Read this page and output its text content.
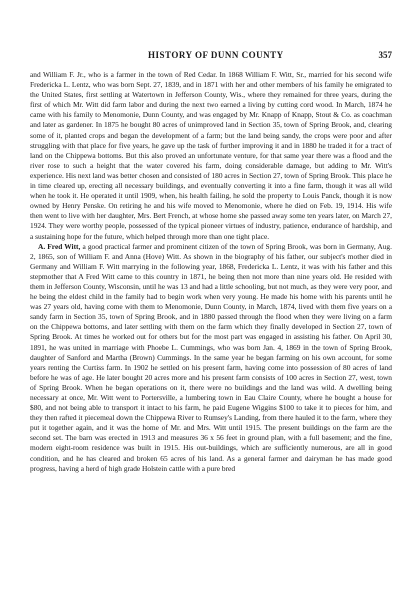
HISTORY OF DUNN COUNTY	357

and William F. Jr., who is a farmer in the town of Red Cedar. In 1868 William F. Witt, Sr., married for his second wife Fredericka L. Lentz, who was born Sept. 27, 1839, and in 1871 with her and other members of his family he emigrated to the United States, first settling at Watertown in Jefferson County, Wis., where they remained for three years, during the first of which Mr. Witt did farm labor and during the next two earned a living by cutting cord wood. In March, 1874 he came with his family to Menomonie, Dunn County, and was engaged by Mr. Knapp of Knapp, Stout & Co. as coachman and later as gardener. In 1875 he bought 80 acres of unimproved land in Section 35, town of Spring Brook, and, clearing some of it, planted crops and began the development of a farm; but the land being sandy, the crops were poor and after struggling with that place for five years, he gave up the task of further improving it and in 1880 he traded it for a tract of land on the Chippewa bottoms. But this also proved an unfortunate venture, for that same year there was a flood and the river rose to such a height that the water covered his farm, doing considerable damage, but adding to Mr. Witt's experience. His next land was better chosen and consisted of 180 acres in Section 27, town of Spring Brook. This place he in time cleared up, erecting all necessary buildings, and eventually converting it into a fine farm, though it was all wild when he took it. He operated it until 1909, when, his health failing, he sold the property to Louis Panck, though it is now owned by Henry Penske. On retiring he and his wife moved to Menomonie, where he died on Feb. 19, 1914. His wife then went to live with her daughter, Mrs. Bert French, at whose home she passed away some ten years later, on March 27, 1924. They were worthy people, possessed of the typical pioneer virtues of industry, patience, endurance of hardship, and a sustaining hope for the future, which helped through more than one tight place.

A. Fred Witt, a good practical farmer and prominent citizen of the town of Spring Brook, was born in Germany, Aug. 2, 1865, son of William F. and Anna (Hove) Witt. As shown in the biography of his father, our subject's mother died in Germany and William F. Witt marrying in the following year, 1868, Fredericka L. Lentz, it was with his father and this stepmother that A Fred Witt came to this country in 1871, he being then not more than nine years old. He resided with them in Jefferson County, Wisconsin, until he was 13 and had a little schooling, but not much, as they were very poor, and he being the eldest child in the family had to begin work when very young. He made his home with his parents until he was 27 years old, having come with them to Menomonie, Dunn County, in March, 1874, lived with them five years on a sandy farm in Section 35, town of Spring Brook, and in 1880 passed through the flood when they were living on a farm on the Chippewa bottoms, and later settling with them on the farm which they finally developed in Section 27, town of Spring Brook. At times he worked out for others but for the most part was engaged in assisting his father. On April 30, 1891, he was united in marriage with Phoebe L. Cummings, who was born Jan. 4, 1869 in the town of Spring Brook, daughter of Sanford and Martha (Brown) Cummings. In the same year he began farming on his own account, for some years renting the Curtiss farm. In 1902 he settled on his present farm, having come into possession of 80 acres of land before he was of age. He later bought 20 acres more and his present farm consists of 100 acres in Section 27, west, town of Spring Brook. When he began operations on it, there were no buildings and the land was wild. A dwelling being necessary at once, Mr. Witt went to Portersville, a lumbering town in Eau Claire County, where he bought a house for $80, and not being able to transport it intact to his farm, he paid Eugene Wiggins $100 to take it to pieces for him, and they then rafted it piecemeal down the Chippewa River to Rumsey's Landing, from there hauled it to the farm, where they put it together again, and it was the home of Mr. and Mrs. Witt until 1915. The present buildings on the farm are the second set. The barn was erected in 1913 and measures 36 x 56 feet in ground plan, with a full basement; and the fine, modern eight-room residence was built in 1915. His out-buildings, which are sufficiently numerous, are all in good condition, and he has cleared and broken 65 acres of his land. As a general farmer and dairyman he has made good progress, having a herd of high grade Holstein cattle with a pure bred
